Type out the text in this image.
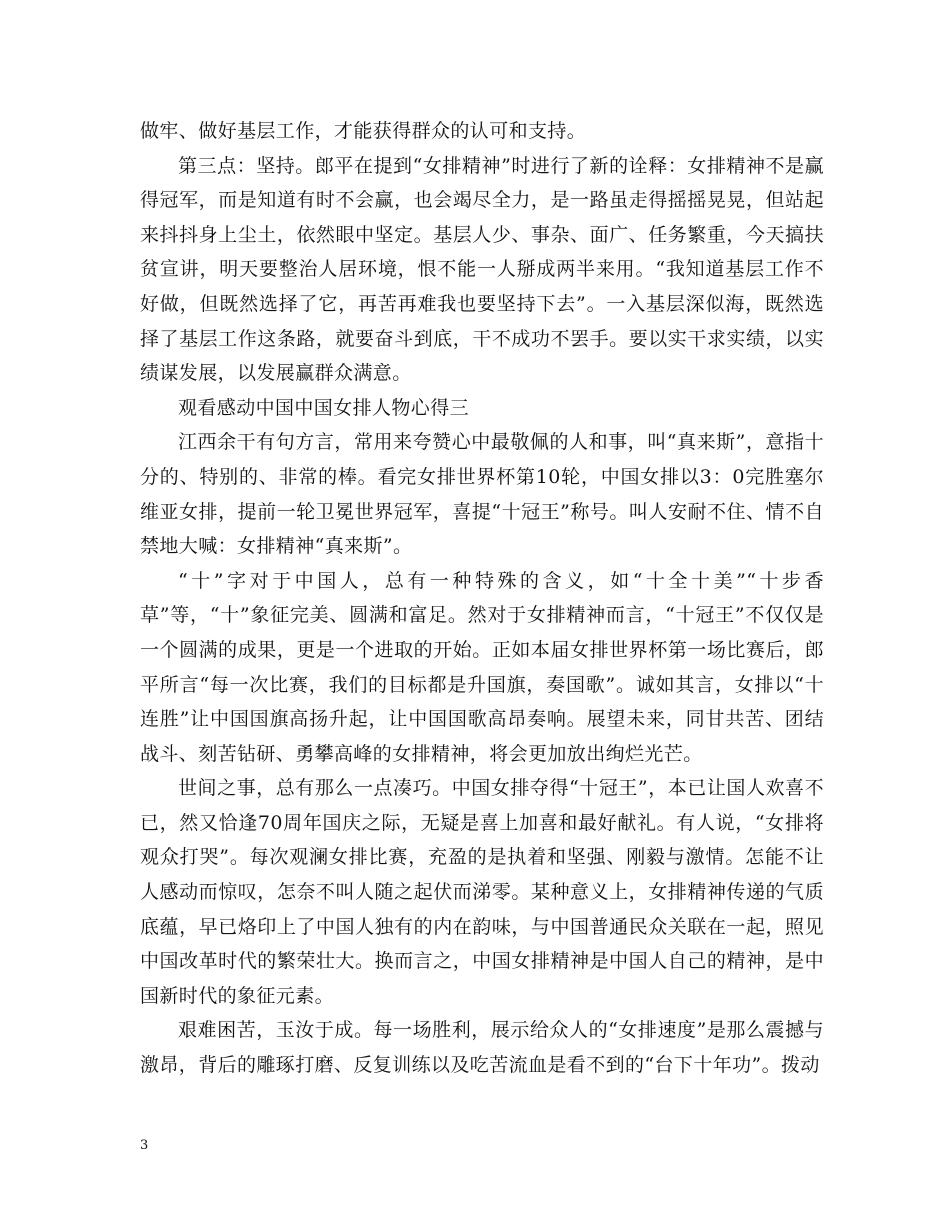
做牢、做好基层工作，才能获得群众的认可和支持。

第三点：坚持。郎平在提到“女排精神”时进行了新的诠释：女排精神不是赢得冠军，而是知道有时不会赢，也会竭尽全力，是一路虽走得摇摇晃晃，但站起来抖抖身上尘土，依然眼中坚定。基层人少、事杂、面广、任务繁重，今天搞扶贫宣讲，明天要整治人居环境，恨不能一人掰成两半来用。“我知道基层工作不好做，但既然选择了它，再苦再难我也要坚持下去”。一入基层深似海，既然选择了基层工作这条路，就要奋斗到底，干不成功不罢手。要以实干求实绩，以实绩谋发展，以发展赢群众满意。

观看感动中国中国女排人物心得三

江西余干有句方言，常用来夸赞心中最敬佩的人和事，叫“真来斯”，意指十分的、特别的、非常的棒。看完女排世界杯第10轮，中国女排以3：0完胜塞尔维亚女排，提前一轮卫冕世界冠军，喜提“十冠王”称号。叫人安耐不住、情不自禁地大喊：女排精神“真来斯”。

“十”字对于中国人，总有一种特殊的含义，如“十全十美”“十步香草”等，“十”象征完美、圆满和富足。然对于女排精神而言，“十冠王”不仅仅是一个圆满的成果，更是一个进取的开始。正如本届女排世界杯第一场比赛后，郎平所言“每一次比赛，我们的目标都是升国旗，奏国歌”。诚如其言，女排以“十连胜”让中国国旗高扬升起，让中国国歌高昂奏响。展望未来，同甘共苦、团结战斗、刻苦钻研、勇攀高峰的女排精神，将会更加放出绚烂光芒。

世间之事，总有那么一点凑巧。中国女排夺得“十冠王”，本已让国人欢喜不已，然又恰逢70周年国庆之际，无疑是喜上加喜和最好献礼。有人说，“女排将观众打哭”。每次观澜女排比赛，充盈的是执着和坚强、刚毅与激情。怎能不让人感动而惊叹，怎奈不叫人随之起伏而涕零。某种意义上，女排精神传递的气质底蕴，早已烙印上了中国人独有的内在韵味，与中国普通民众关联在一起，照见中国改革时代的繁荣壮大。换而言之，中国女排精神是中国人自己的精神，是中国新时代的象征元素。

艰难困苦，玉汝于成。每一场胜利，展示给众人的“女排速度”是那么震撼与激昂，背后的雕琢打磨、反复训练以及吃苦流血是看不到的“台下十年功”。拨动

3
